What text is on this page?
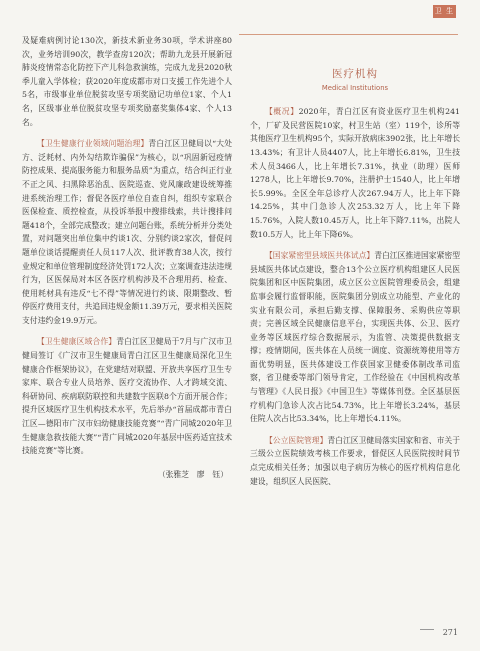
卫 生

及疑难病例讨论130次，新技术新业务30项，学术讲座80次，业务培训90次，教学查房120次；帮助九龙县开展新冠肺炎疫情常态化防控下产儿科急救演练，完成九龙县2020秋季儿童入学体检；获2020年度成都市对口支援工作先进个人5名，市级事业单位脱贫攻坚专项奖励记功单位1家、个人1名，区级事业单位脱贫攻坚专项奖励嘉奖集体4家、个人13名。

【卫生健康行业领域问题治理】青白江区卫健局以“大处方、泛耗材、内外勾结欺诈骗保”为核心，以“巩固新冠疫情防控成果、提高服务能力和服务品质”为重点，结合纠正行业不正之风、扫黑除恶治乱、医院巡查、党风廉政建设统筹推进系统治理工作；督促各医疗单位自查自纠，组织专家联合医保检查、质控检查，从投诉举报中搜排线索，共计搜排问题418个，全部完成整改；建立问题台账，系统分析并分类处置，对问题突出单位集中约谈1次、分别约谈2家次，督促问题单位谈话提醒责任人员117人次、批评教育38人次，按行业规定和单位管理制度经济处罚172人次；立案调查违法违规行为，区医保局对本区各医疗机构涉及不合理用药、检查、使用耗材具有违反“七不得”等情况进行约谈、限期整改、暂停医疗费用支付，共追回违规金额11.39万元，要求相关医院支付违约金19.9万元。

【卫生健康区域合作】青白江区卫健局于7月与广汉市卫健局签订《广汉市卫生健康局青白江区卫生健康局深化卫生健康合作框架协议》，在党建结对联盟、开放共享医疗卫生专家库、联合专业人员培养、医疗交流协作、人才跨域交流、科研协同、疾病联防联控和共建数字医联8个方面开展合作；提升区域医疗卫生机构技术水平，先后举办“首届成都市青白江区—德阳市广汉市妇幼健康技能竞赛”“青广同城2020年卫生健康急救技能大赛”“青广同城2020年基层中医药适宜技术技能竞赛”等比赛。

（张雅芝　廖　钰）

医疗机构
Medical Institutions

【概况】2020年，青白江区有资业医疗卫生机构241个，厂矿及民营医院10家，村卫生站（室）119个，诊所等其他医疗卫生机构95个，实际开放病床3902张，比上年增长13.43%；有卫计人员4407人，比上年增长6.81%，卫生技术人员3466人，比上年增长7.31%，执业（助理）医师1278人，比上年增长9.70%，注册护士1540人，比上年增长5.99%。全区全年总诊疗人次267.94万人，比上年下降14.25%，其中门急诊人次253.32万人，比上年下降15.76%，入院人数10.45万人，比上年下降7.11%，出院人数10.5万人，比上年下降6%。

【国家紧密型县域医共体试点】青白江区推进国家紧密型县域医共体试点建设，整合13个公立医疗机构组建区人民医院集团和区中医院集团，成立区公立医院管理委员会，组建监事会履行监督职能，医院集团分别成立功能型、产业化的实业有限公司，承担后勤支撑、保障服务、采购供应等职责；完善区域全民健康信息平台，实现医共体、公卫、医疗业务等区域医疗综合数据展示，为监管、决策提供数据支撑；疫情期间，医共体在人员统一调度、资源统筹使用等方面优势明显，医共体建设工作获国家卫健委体制改革司监察，省卫健委等部门领导肯定，工作经验在《中国机构改革与管理》《人民日报》《中国卫生》等媒体刊登。全区基层医疗机构门急诊人次占比54.73%，比上年增长3.24%，基层住院人次占比53.34%，比上年增长4.11%。

【公立医院管理】青白江区卫健局落实国家和省、市关于三级公立医院绩效考核工作要求，督促区人民医院按时间节点完成相关任务；加强以电子病历为核心的医疗机构信息化建设，组织区人民医院、

271
